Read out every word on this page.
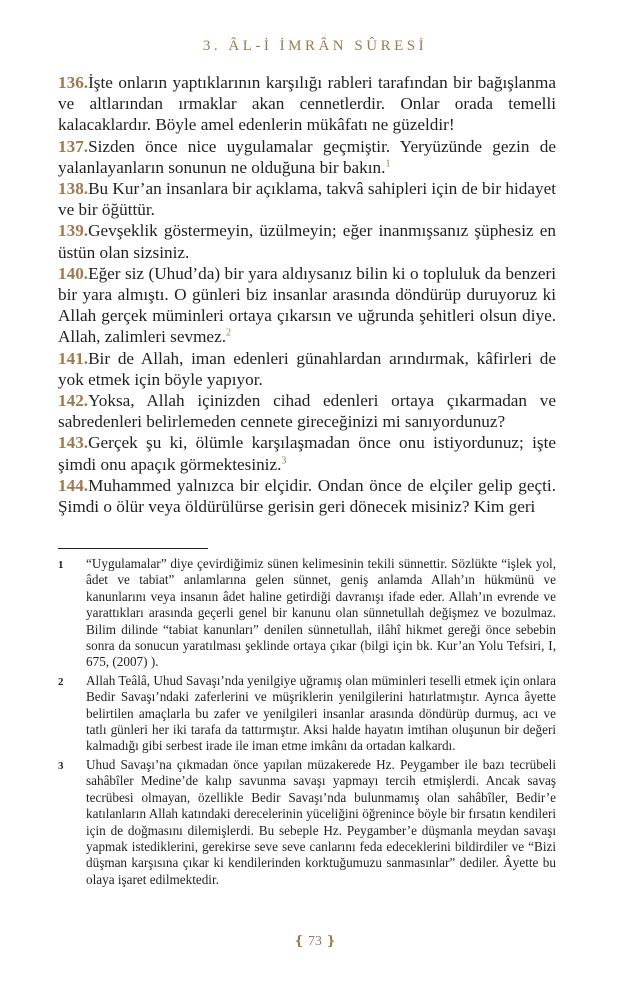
3. ÂL-İ İMRÂN SÛRESİ

136.İşte onların yaptıklarının karşılığı rableri tarafından bir bağışlanma ve altlarından ırmaklar akan cennetlerdir. Onlar orada temelli kalacaklardır. Böyle amel edenlerin mükâfatı ne güzeldir!

137.Sizden önce nice uygulamalar geçmiştir. Yeryüzünde gezin de yalanlayanların sonunun ne olduğuna bir bakın.$^1$

138.Bu Kur’an insanlara bir açıklama, takvâ sahipleri için de bir hidayet ve bir öğüttür.

139.Gevşeklik göstermeyin, üzülmeyin; eğer inanmışsanız şüphesiz en üstün olan sizsiniz.

140.Eğer siz (Uhud’da) bir yara aldıysanız bilin ki o topluluk da benzeri bir yara almıştı. O günleri biz insanlar arasında döndürüp duruyoruz ki Allah gerçek müminleri ortaya çıkarsın ve uğrunda şehitleri olsun diye. Allah, zalimleri sevmez.$^2$

141.Bir de Allah, iman edenleri günahlardan arındırmak, kâfirleri de yok etmek için böyle yapıyor.

142.Yoksa, Allah içinizden cihad edenleri ortaya çıkarmadan ve sabredenleri belirlemeden cennete gireceğinizi mi sanıyordunuz?

143.Gerçek şu ki, ölümle karşılaşmadan önce onu istiyordunuz; işte şimdi onu apaçık görmektesiniz.$^3$

144.Muhammed yalnızca bir elçidir. Ondan önce de elçiler gelip geçti. Şimdi o ölür veya öldürülürse gerisin geri dönecek misiniz? Kim geri

1	“Uygulamalar” diye çevirdiğimiz sünen kelimesinin tekili sünnettir. Sözlükte “işlek yol, âdet ve tabiat” anlamlarına gelen sünnet, geniş anlamda Allah’ın hükmünü ve kanunlarını veya insanın âdet haline getirdiği davranışı ifade eder. Allah’ın evrende ve yarattıkları arasında geçerli genel bir kanunu olan sünnetullah değişmez ve bozulmaz. Bilim dilinde “tabiat kanunları” denilen sünnetullah, ilâhî hikmet gereği önce sebebin sonra da sonucun yaratılması şeklinde ortaya çıkar (bilgi için bk. Kur’an Yolu Tefsiri, I, 675, (2007) ).
2	Allah Teâlâ, Uhud Savaşı’nda yenilgiye uğramış olan müminleri teselli etmek için onlara Bedir Savaşı’ndaki zaferlerini ve müşriklerin yenilgilerini hatırlatmıştır. Ayrıca âyette belirtilen amaçlarla bu zafer ve yenilgileri insanlar arasında döndürüp durmuş, acı ve tatlı günleri her iki tarafa da tattırmıştır. Aksi halde hayatın imtihan oluşunun bir değeri kalmadığı gibi serbest irade ile iman etme imkânı da ortadan kalkardı.
3	Uhud Savaşı’na çıkmadan önce yapılan müzakerede Hz. Peygamber ile bazı tecrübeli sahâbîler Medine’de kalıp savunma savaşı yapmayı tercih etmişlerdi. Ancak savaş tecrübesi olmayan, özellikle Bedir Savaşı’nda bulunmamış olan sahâbîler, Bedir’e katılanların Allah katındaki derecelerinin yüceliğini öğrenince böyle bir fırsatın kendileri için de doğmasını dilemişlerdi. Bu sebeple Hz. Peygamber’e düşmanla meydan savaşı yapmak istediklerini, gerekirse seve seve canlarını feda edeceklerini bildirdiler ve “Bizi düşman karşısına çıkar ki kendilerinden korktuğumuzu sanmasınlar” dediler. Âyette bu olaya işaret edilmektedir.
❴ 73 ❵
